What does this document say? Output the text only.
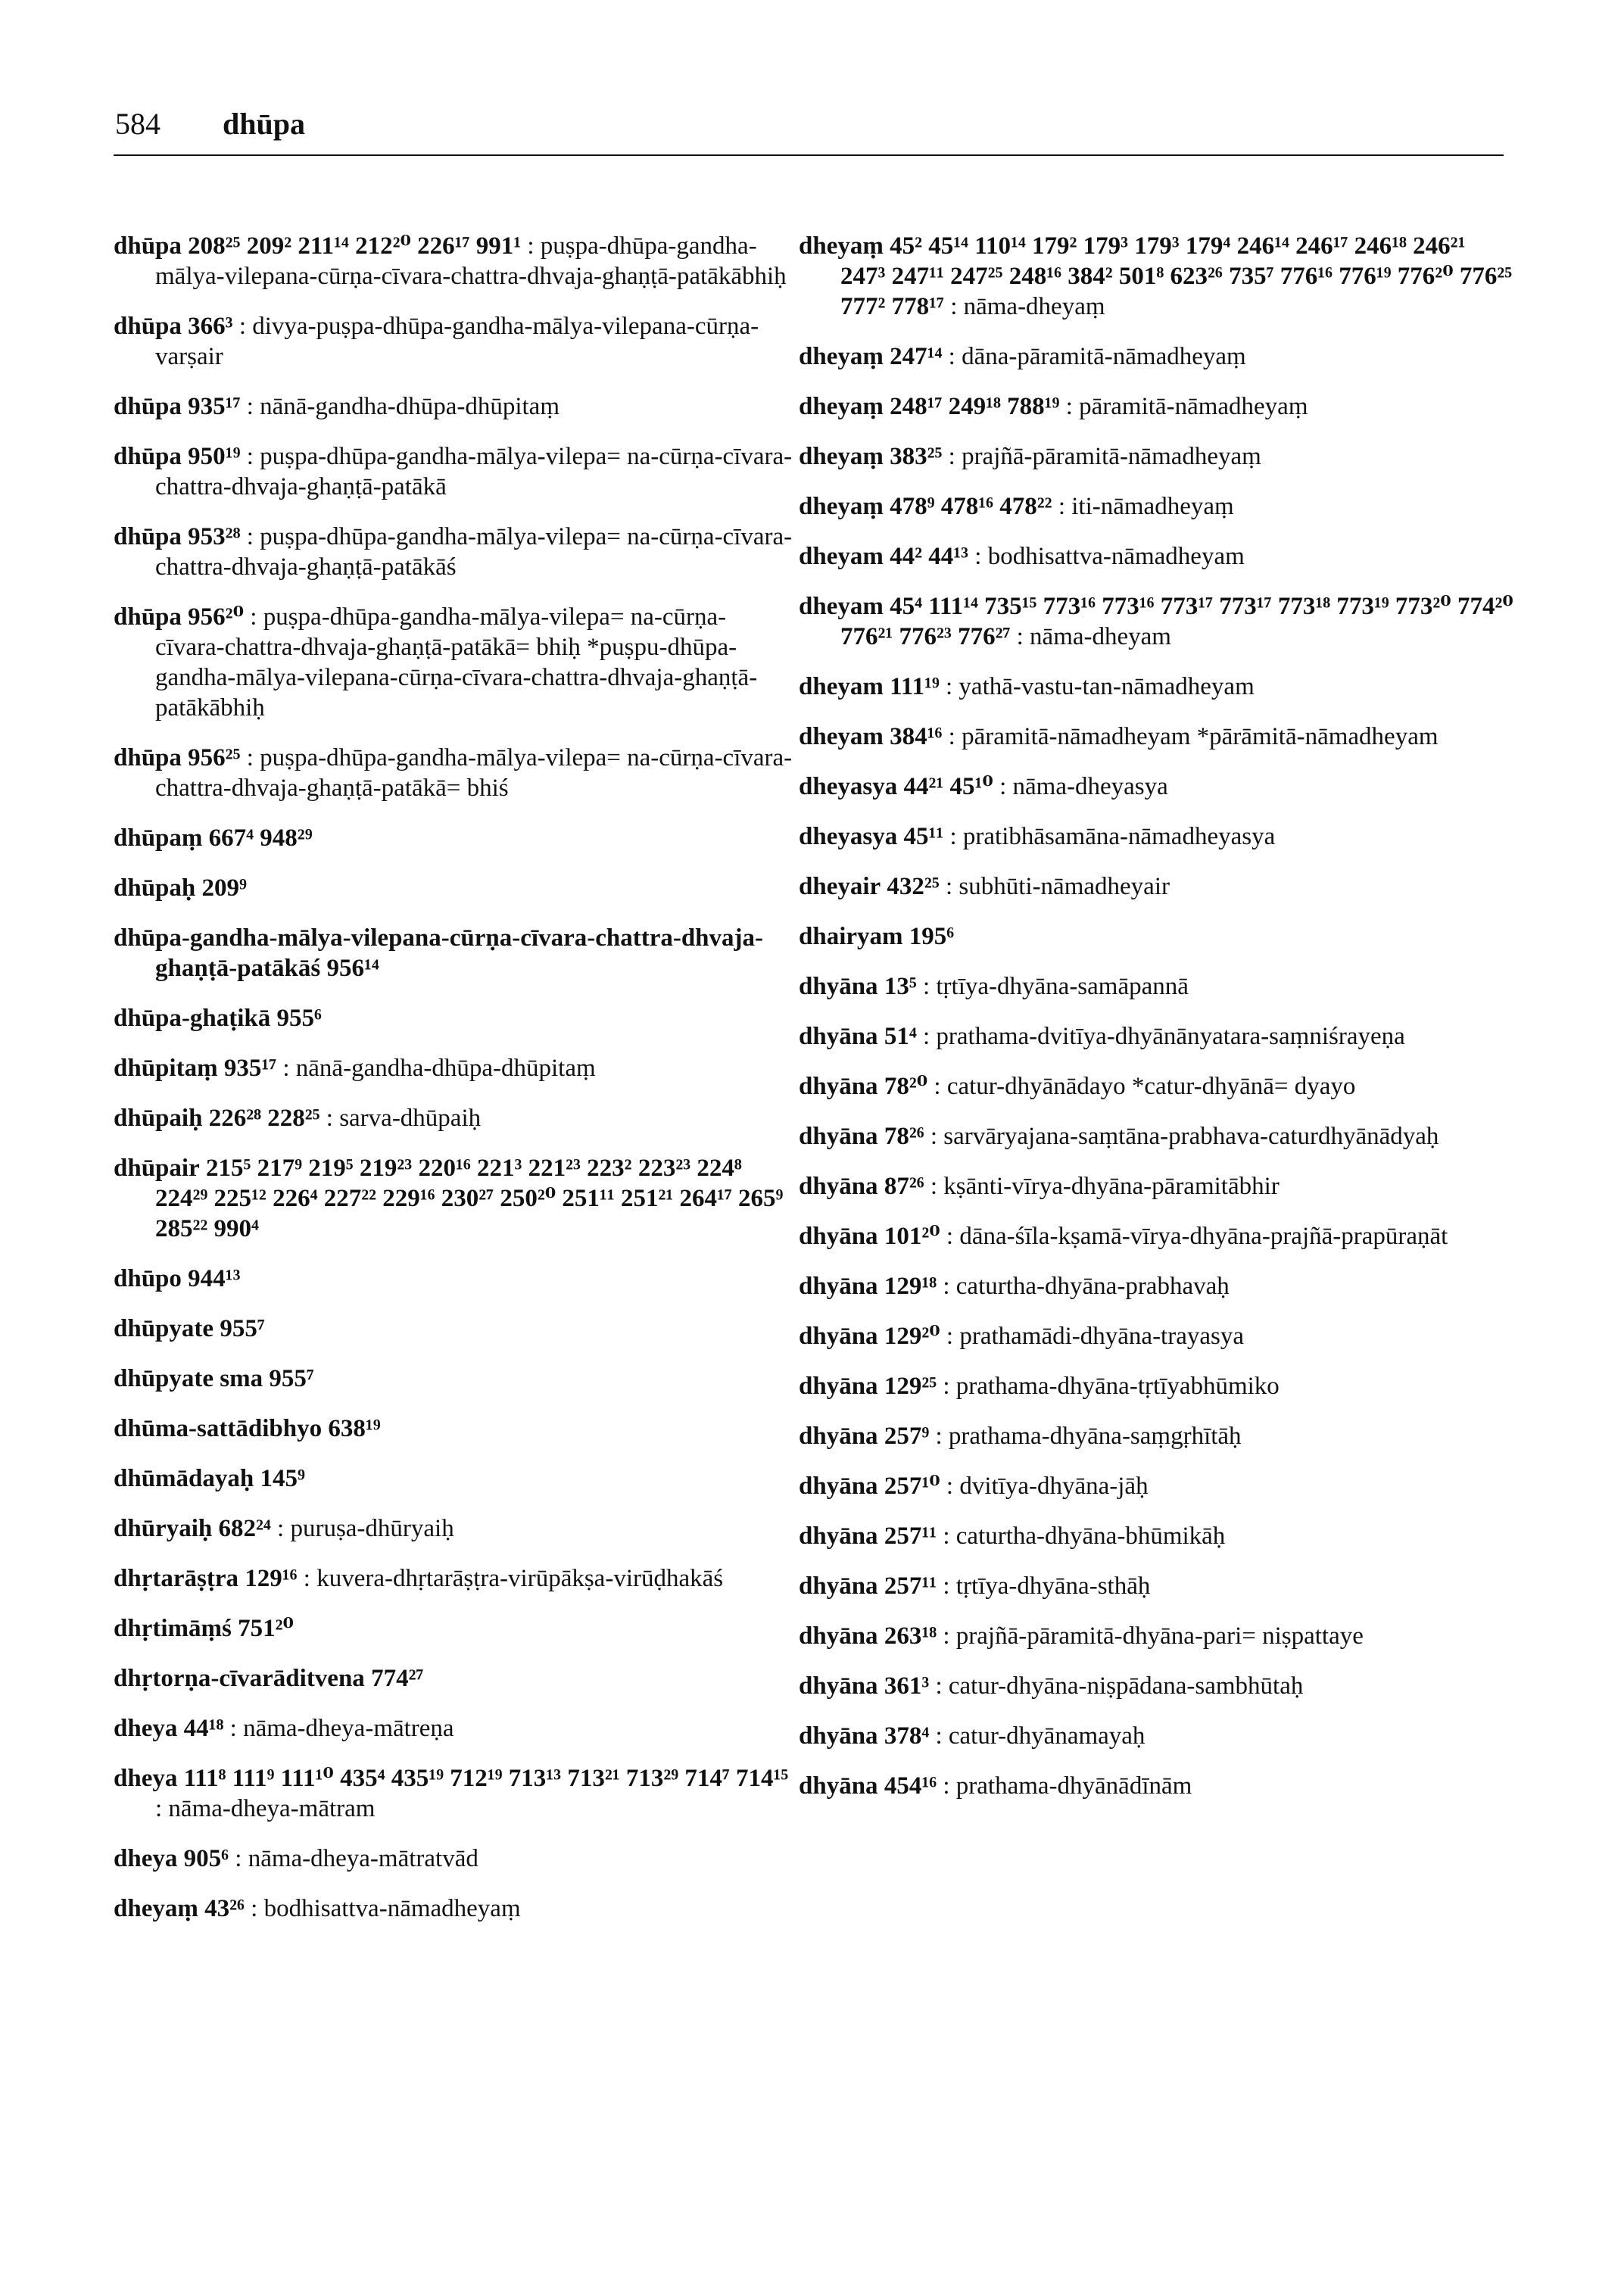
584 dhūpa
dhūpa 208²⁵ 209² 211¹⁴ 212²⁰ 226¹⁷ 991¹ : puṣpa-dhūpa-gandha-mālya-vilepana-cūrṇa-cīvara-chattra-dhvaja-ghaṇṭā-patākābhiḥ
dhūpa 366³ : divya-puṣpa-dhūpa-gandha-mālya-vilepana-cūrṇa-varṣair
dhūpa 935¹⁷ : nānā-gandha-dhūpa-dhūpitaṃ
dhūpa 950¹⁹ : puṣpa-dhūpa-gandha-mālya-vilepa= na-cūrṇa-cīvara-chattra-dhvaja-ghaṇṭā-patākā
dhūpa 953²⁸ : puṣpa-dhūpa-gandha-mālya-vilepa= na-cūrṇa-cīvara-chattra-dhvaja-ghaṇṭā-patākāś
dhūpa 956²⁰ : puṣpa-dhūpa-gandha-mālya-vilepa= na-cūrṇa-cīvara-chattra-dhvaja-ghaṇṭā-patākā= bhiḥ *puṣpu-dhūpa-gandha-mālya-vilepana-cūrṇa-cīvara-chattra-dhvaja-ghaṇṭā-patākābhiḥ
dhūpa 956²⁵ : puṣpa-dhūpa-gandha-mālya-vilepa= na-cūrṇa-cīvara-chattra-dhvaja-ghaṇṭā-patākā= bhiś
dhūpaṃ 667⁴ 948²⁹
dhūpaḥ 209⁹
dhūpa-gandha-mālya-vilepana-cūrṇa-cīvara-chattra-dhvaja-ghaṇṭā-patākāś 956¹⁴
dhūpa-ghaṭikā 955⁶
dhūpitaṃ 935¹⁷ : nānā-gandha-dhūpa-dhūpitaṃ
dhūpaiḥ 226²⁸ 228²⁵ : sarva-dhūpaiḥ
dhūpair 215⁵ 217⁹ 219⁵ 219²³ 220¹⁶ 221³ 221²³ 223² 223²³ 224⁸ 224²⁹ 225¹² 226⁴ 227²² 229¹⁶ 230²⁷ 250²⁰ 251¹¹ 251²¹ 264¹⁷ 265⁹ 285²² 990⁴
dhūpo 944¹³
dhūpyate 955⁷
dhūpyate sma 955⁷
dhūma-sattādibhyo 638¹⁹
dhūmādayaḥ 145⁹
dhūryaiḥ 682²⁴ : puruṣa-dhūryaiḥ
dhṛtarāṣṭra 129¹⁶ : kuvera-dhṛtarāṣṭra-virūpākṣa-virūḍhakāś
dhṛtimāṃś 751²⁰
dhṛtorṇa-cīvarāditvena 774²⁷
dheya 44¹⁸ : nāma-dheya-mātreṇa
dheya 111⁸ 111⁹ 111¹⁰ 435⁴ 435¹⁹ 712¹⁹ 713¹³ 713²¹ 713²⁹ 714⁷ 714¹⁵ : nāma-dheya-mātram
dheya 905⁶ : nāma-dheya-mātratvād
dheyaṃ 43²⁶ : bodhisattva-nāmadheyaṃ
dheyaṃ 45² 45¹⁴ 110¹⁴ 179² 179³ 179³ 179⁴ 246¹⁴ 246¹⁷ 246¹⁸ 246²¹ 247³ 247¹¹ 247²⁵ 248¹⁶ 384² 501⁸ 623²⁶ 735⁷ 776¹⁶ 776¹⁹ 776²⁰ 776²⁵ 777² 778¹⁷ : nāma-dheyaṃ
dheyaṃ 247¹⁴ : dāna-pāramitā-nāmadheyaṃ
dheyaṃ 248¹⁷ 249¹⁸ 788¹⁹ : pāramitā-nāmadheyaṃ
dheyaṃ 383²⁵ : prajñā-pāramitā-nāmadheyaṃ
dheyaṃ 478⁹ 478¹⁶ 478²² : iti-nāmadheyaṃ
dheyam 44² 44¹³ : bodhisattva-nāmadheyam
dheyam 45⁴ 111¹⁴ 735¹⁵ 773¹⁶ 773¹⁶ 773¹⁷ 773¹⁷ 773¹⁸ 773¹⁹ 773²⁰ 774²⁰ 776²¹ 776²³ 776²⁷ : nāma-dheyam
dheyam 111¹⁹ : yathā-vastu-tan-nāmadheyam
dheyam 384¹⁶ : pāramitā-nāmadheyam *pārāmitā-nāmadheyam
dheyasya 44²¹ 45¹⁰ : nāma-dheyasya
dheyasya 45¹¹ : pratibhāsamāna-nāmadheyasya
dheyair 432²⁵ : subhūti-nāmadheyair
dhairyam 195⁶
dhyāna 13⁵ : tṛtīya-dhyāna-samāpannā
dhyāna 51⁴ : prathama-dvitīya-dhyānānyatara-saṃniśrayeṇa
dhyāna 78²⁰ : catur-dhyānādayo *catur-dhyānā= dyayo
dhyāna 78²⁶ : sarvāryajana-saṃtāna-prabhava-caturdhyānādyaḥ
dhyāna 87²⁶ : kṣānti-vīrya-dhyāna-pāramitābhir
dhyāna 101²⁰ : dāna-śīla-kṣamā-vīrya-dhyāna-prajñā-prapūraṇāt
dhyāna 129¹⁸ : caturtha-dhyāna-prabhavaḥ
dhyāna 129²⁰ : prathamādi-dhyāna-trayasya
dhyāna 129²⁵ : prathama-dhyāna-tṛtīyabhūmiko
dhyāna 257⁹ : prathama-dhyāna-saṃgṛhītāḥ
dhyāna 257¹⁰ : dvitīya-dhyāna-jāḥ
dhyāna 257¹¹ : caturtha-dhyāna-bhūmikāḥ
dhyāna 257¹¹ : tṛtīya-dhyāna-sthāḥ
dhyāna 263¹⁸ : prajñā-pāramitā-dhyāna-pari= niṣpattaye
dhyāna 361³ : catur-dhyāna-niṣpādana-sambhūtaḥ
dhyāna 378⁴ : catur-dhyānamayaḥ
dhyāna 454¹⁶ : prathama-dhyānādīnām
